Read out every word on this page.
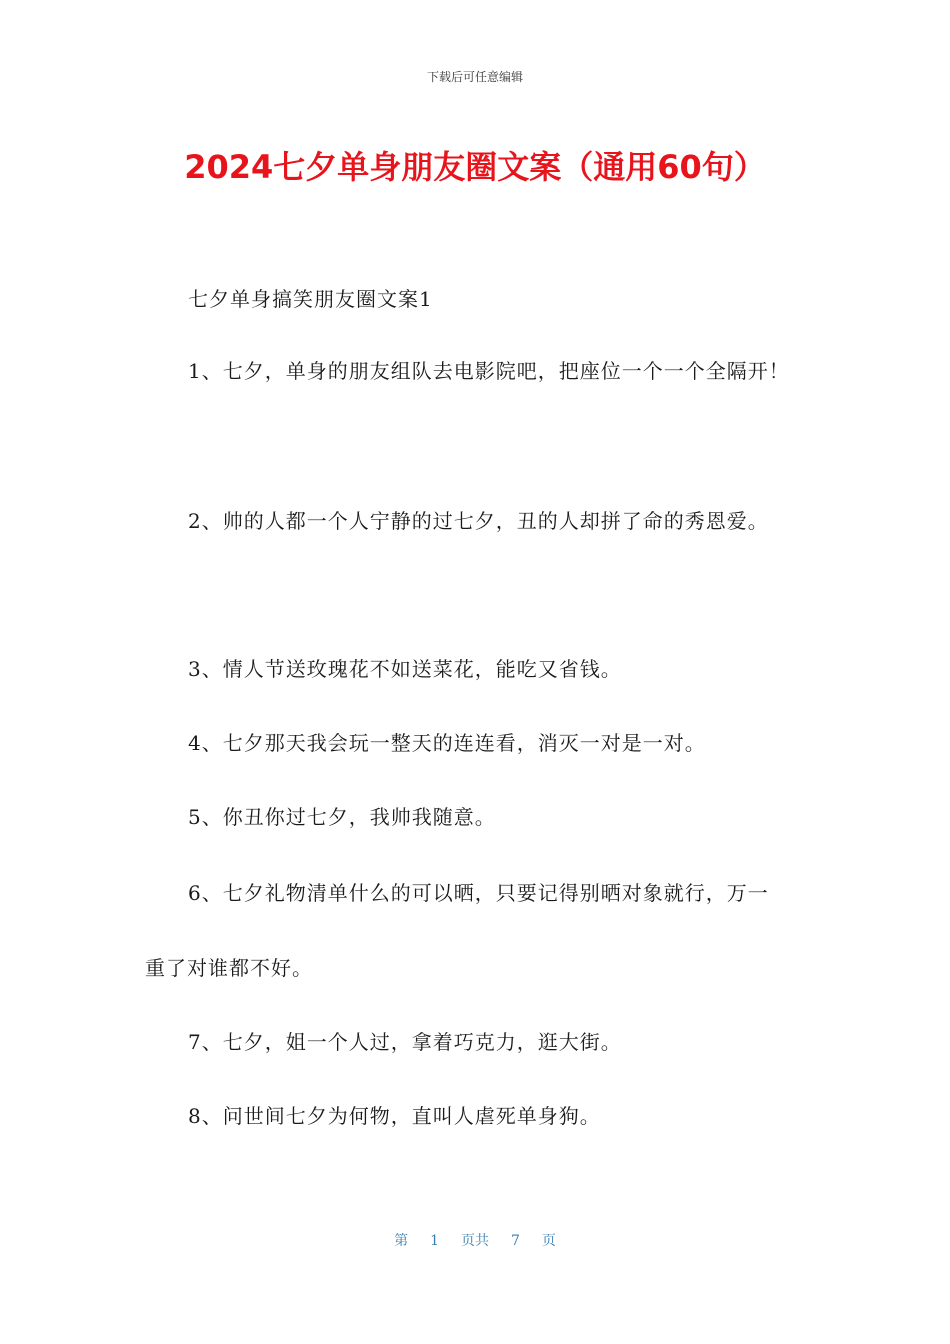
下载后可任意编辑
2024七夕单身朋友圈文案（通用60句）
七夕单身搞笑朋友圈文案1
1、七夕，单身的朋友组队去电影院吧，把座位一个一个全隔开！
2、帅的人都一个人宁静的过七夕，丑的人却拼了命的秀恩爱。
3、情人节送玫瑰花不如送菜花，能吃又省钱。
4、七夕那天我会玩一整天的连连看，消灭一对是一对。
5、你丑你过七夕，我帅我随意。
6、七夕礼物清单什么的可以晒，只要记得别晒对象就行，万一
重了对谁都不好。
7、七夕，姐一个人过，拿着巧克力，逛大街。
8、问世间七夕为何物，直叫人虐死单身狗。
第 1 页共 7 页
